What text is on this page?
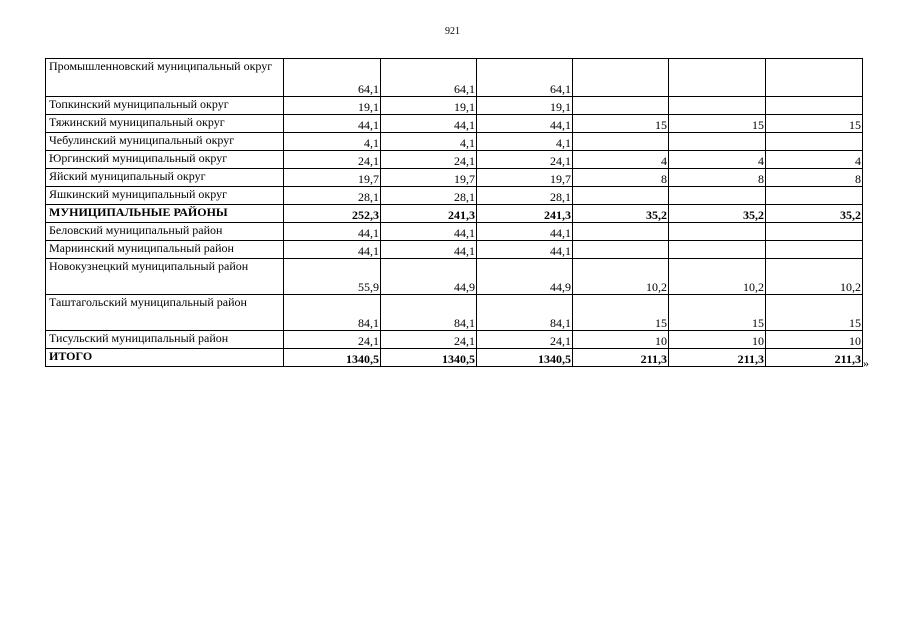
921
Промышленновский муниципальный округ	64,1	64,1	64,1			
Топкинский муниципальный округ	19,1	19,1	19,1			
Тяжинский муниципальный округ	44,1	44,1	44,1	15	15	15
Чебулинский муниципальный округ	4,1	4,1	4,1			
Юргинский муниципальный округ	24,1	24,1	24,1	4	4	4
Яйский муниципальный округ	19,7	19,7	19,7	8	8	8
Яшкинский муниципальный округ	28,1	28,1	28,1			
МУНИЦИПАЛЬНЫЕ РАЙОНЫ	252,3	241,3	241,3	35,2	35,2	35,2
Беловский муниципальный район	44,1	44,1	44,1			
Мариинский муниципальный район	44,1	44,1	44,1			
Новокузнецкий муниципальный район	55,9	44,9	44,9	10,2	10,2	10,2
Таштагольский муниципальный район	84,1	84,1	84,1	15	15	15
Тисульский муниципальный район	24,1	24,1	24,1	10	10	10
ИТОГО	1340,5	1340,5	1340,5	211,3	211,3	211,3 »
